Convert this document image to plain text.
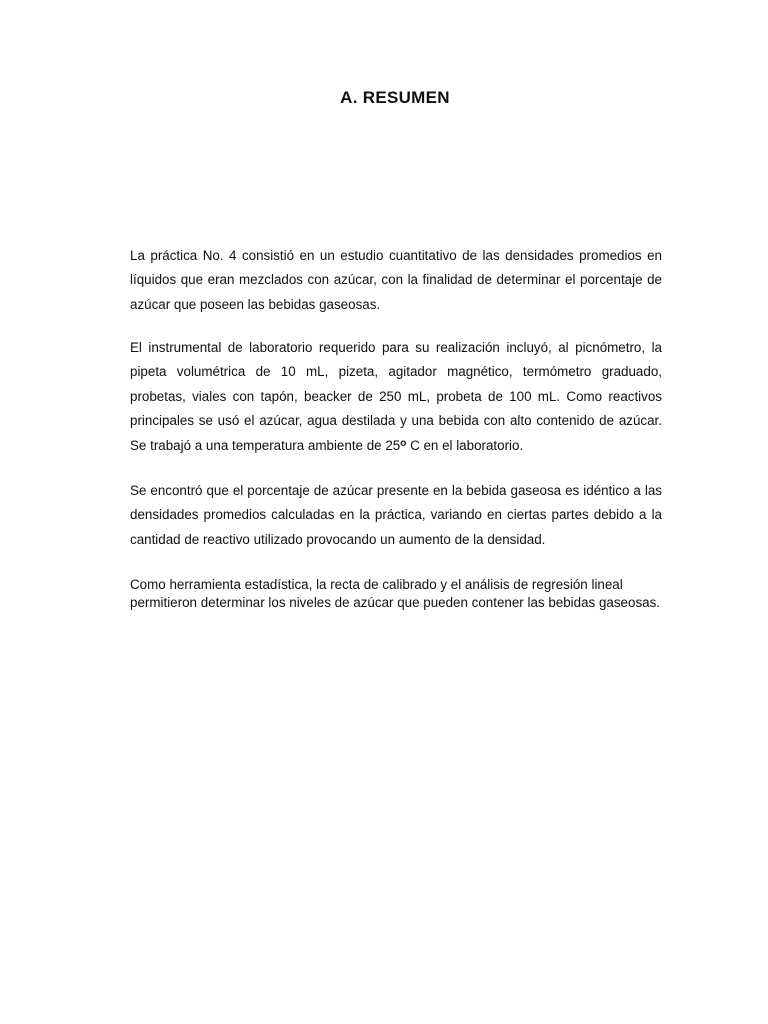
A. RESUMEN

La práctica No. 4 consistió en un estudio cuantitativo de las densidades promedios en líquidos que eran mezclados con azúcar, con la finalidad de determinar el porcentaje de azúcar que poseen las bebidas gaseosas.

El instrumental de laboratorio requerido para su realización incluyó, al picnómetro, la pipeta volumétrica de 10 mL, pizeta, agitador magnético, termómetro graduado, probetas, viales con tapón, beacker de 250 mL, probeta de 100 mL. Como reactivos principales se usó el azúcar, agua destilada y una bebida con alto contenido de azúcar. Se trabajó a una temperatura ambiente de 25$^o$ C en el laboratorio.

Se encontró que el porcentaje de azúcar presente en la bebida gaseosa es idéntico a las densidades promedios calculadas en la práctica, variando en ciertas partes debido a la cantidad de reactivo utilizado provocando un aumento de la densidad.

Como herramienta estadística, la recta de calibrado y el análisis de regresión lineal permitieron determinar los niveles de azúcar que pueden contener las bebidas gaseosas.
